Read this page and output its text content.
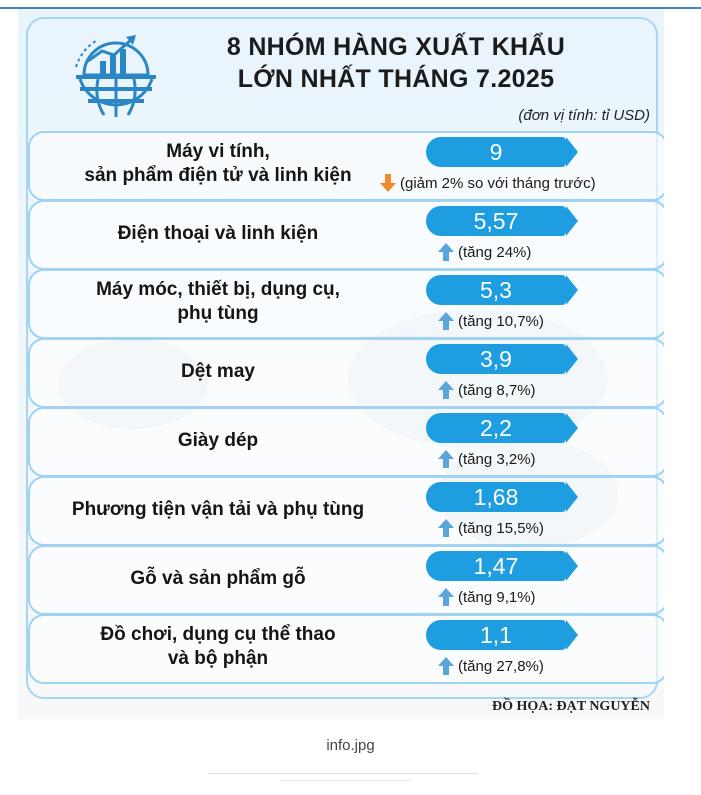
8 NHÓM HÀNG XUẤT KHẨU
LỚN NHẤT THÁNG 7.2025
(đơn vị tính: tỉ USD)
Máy vi tính,
sản phẩm điện tử và linh kiện
9
(giảm 2% so với tháng trước)
Điện thoại và linh kiện	5,57
(tăng 24%)
Máy móc, thiết bị, dụng cụ,
phụ tùng
5,3
(tăng 10,7%)
Dệt may	3,9
(tăng 8,7%)
Giày dép	2,2
(tăng 3,2%)
Phương tiện vận tải và phụ tùng	1,68
(tăng 15,5%)
Gỗ và sản phẩm gỗ	1,47
(tăng 9,1%)
Đồ chơi, dụng cụ thể thao
và bộ phận
1,1
(tăng 27,8%)
ĐỒ HỌA: ĐẠT NGUYỄN
info.jpg
